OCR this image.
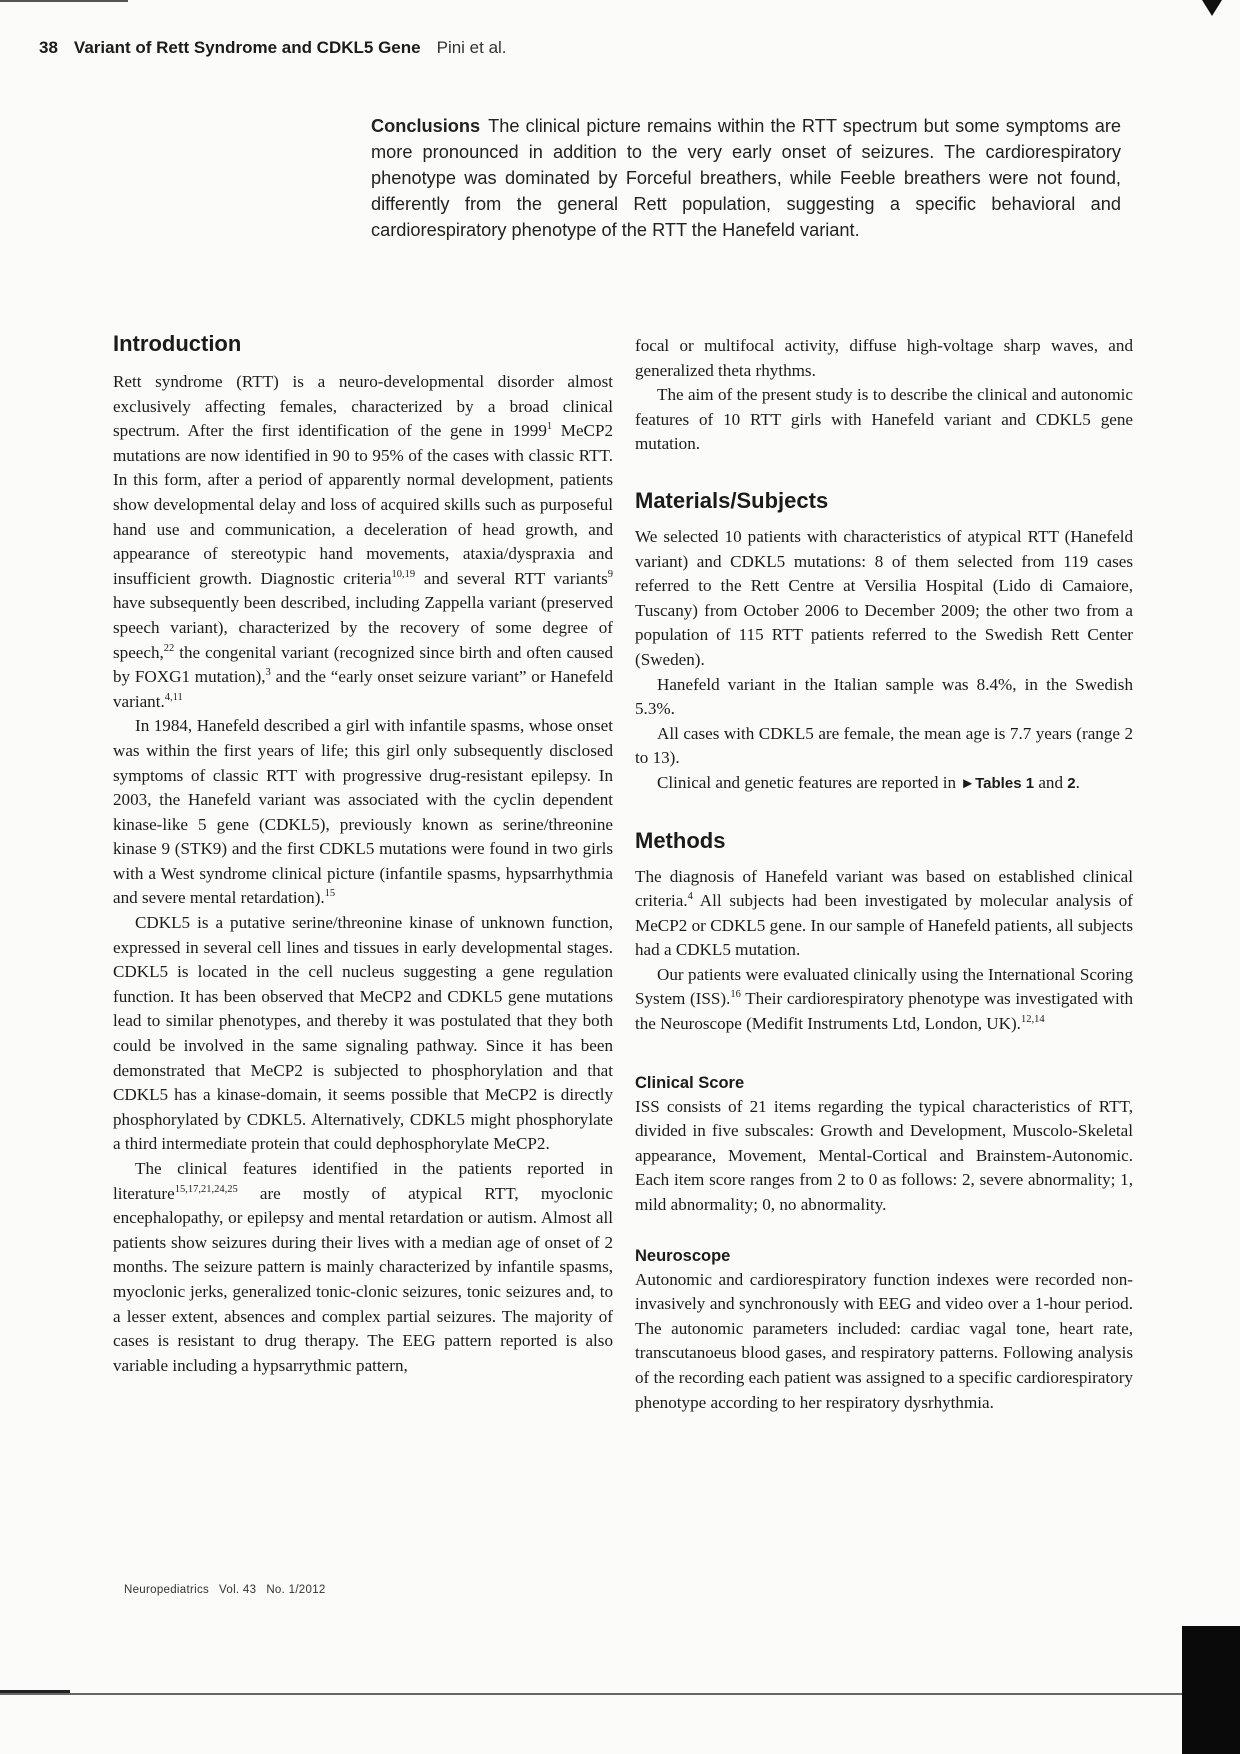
38 Variant of Rett Syndrome and CDKL5 Gene Pini et al.
Conclusions The clinical picture remains within the RTT spectrum but some symptoms are more pronounced in addition to the very early onset of seizures. The cardiorespiratory phenotype was dominated by Forceful breathers, while Feeble breathers were not found, differently from the general Rett population, suggesting a specific behavioral and cardiorespiratory phenotype of the RTT the Hanefeld variant.
Introduction

Rett syndrome (RTT) is a neuro-developmental disorder almost exclusively affecting females, characterized by a broad clinical spectrum. After the first identification of the gene in 1999$^1$ MeCP2 mutations are now identified in 90 to 95% of the cases with classic RTT. In this form, after a period of apparently normal development, patients show developmental delay and loss of acquired skills such as purposeful hand use and communication, a deceleration of head growth, and appearance of stereotypic hand movements, ataxia/dyspraxia and insufficient growth. Diagnostic criteria$^{10,19}$ and several RTT variants$^9$ have subsequently been described, including Zappella variant (preserved speech variant), characterized by the recovery of some degree of speech,$^{22}$ the congenital variant (recognized since birth and often caused by FOXG1 mutation),$^3$ and the “early onset seizure variant” or Hanefeld variant.$^{4,11}$

In 1984, Hanefeld described a girl with infantile spasms, whose onset was within the first years of life; this girl only subsequently disclosed symptoms of classic RTT with progressive drug-resistant epilepsy. In 2003, the Hanefeld variant was associated with the cyclin dependent kinase-like 5 gene (CDKL5), previously known as serine/threonine kinase 9 (STK9) and the first CDKL5 mutations were found in two girls with a West syndrome clinical picture (infantile spasms, hypsarrhythmia and severe mental retardation).$^{15}$

CDKL5 is a putative serine/threonine kinase of unknown function, expressed in several cell lines and tissues in early developmental stages. CDKL5 is located in the cell nucleus suggesting a gene regulation function. It has been observed that MeCP2 and CDKL5 gene mutations lead to similar phenotypes, and thereby it was postulated that they both could be involved in the same signaling pathway. Since it has been demonstrated that MeCP2 is subjected to phosphorylation and that CDKL5 has a kinase-domain, it seems possible that MeCP2 is directly phosphorylated by CDKL5. Alternatively, CDKL5 might phosphorylate a third intermediate protein that could dephosphorylate MeCP2.

The clinical features identified in the patients reported in literature$^{15,17,21,24,25}$ are mostly of atypical RTT, myoclonic encephalopathy, or epilepsy and mental retardation or autism. Almost all patients show seizures during their lives with a median age of onset of 2 months. The seizure pattern is mainly characterized by infantile spasms, myoclonic jerks, generalized tonic-clonic seizures, tonic seizures and, to a lesser extent, absences and complex partial seizures. The majority of cases is resistant to drug therapy. The EEG pattern reported is also variable including a hypsarrythmic pattern,

focal or multifocal activity, diffuse high-voltage sharp waves, and generalized theta rhythms.

The aim of the present study is to describe the clinical and autonomic features of 10 RTT girls with Hanefeld variant and CDKL5 gene mutation.

Materials/Subjects

We selected 10 patients with characteristics of atypical RTT (Hanefeld variant) and CDKL5 mutations: 8 of them selected from 119 cases referred to the Rett Centre at Versilia Hospital (Lido di Camaiore, Tuscany) from October 2006 to December 2009; the other two from a population of 115 RTT patients referred to the Swedish Rett Center (Sweden).

Hanefeld variant in the Italian sample was 8.4%, in the Swedish 5.3%.

All cases with CDKL5 are female, the mean age is 7.7 years (range 2 to 13).

Clinical and genetic features are reported in ►Tables 1 and 2.

Methods

The diagnosis of Hanefeld variant was based on established clinical criteria.$^4$ All subjects had been investigated by molecular analysis of MeCP2 or CDKL5 gene. In our sample of Hanefeld patients, all subjects had a CDKL5 mutation.

Our patients were evaluated clinically using the International Scoring System (ISS).$^{16}$ Their cardiorespiratory phenotype was investigated with the Neuroscope (Medifit Instruments Ltd, London, UK).$^{12,14}$

Clinical Score

ISS consists of 21 items regarding the typical characteristics of RTT, divided in five subscales: Growth and Development, Muscolo-Skeletal appearance, Movement, Mental-Cortical and Brainstem-Autonomic. Each item score ranges from 2 to 0 as follows: 2, severe abnormality; 1, mild abnormality; 0, no abnormality.

Neuroscope

Autonomic and cardiorespiratory function indexes were recorded non-invasively and synchronously with EEG and video over a 1-hour period. The autonomic parameters included: cardiac vagal tone, heart rate, transcutanoeus blood gases, and respiratory patterns. Following analysis of the recording each patient was assigned to a specific cardiorespiratory phenotype according to her respiratory dysrhythmia.

Neuropediatrics Vol. 43 No. 1/2012
